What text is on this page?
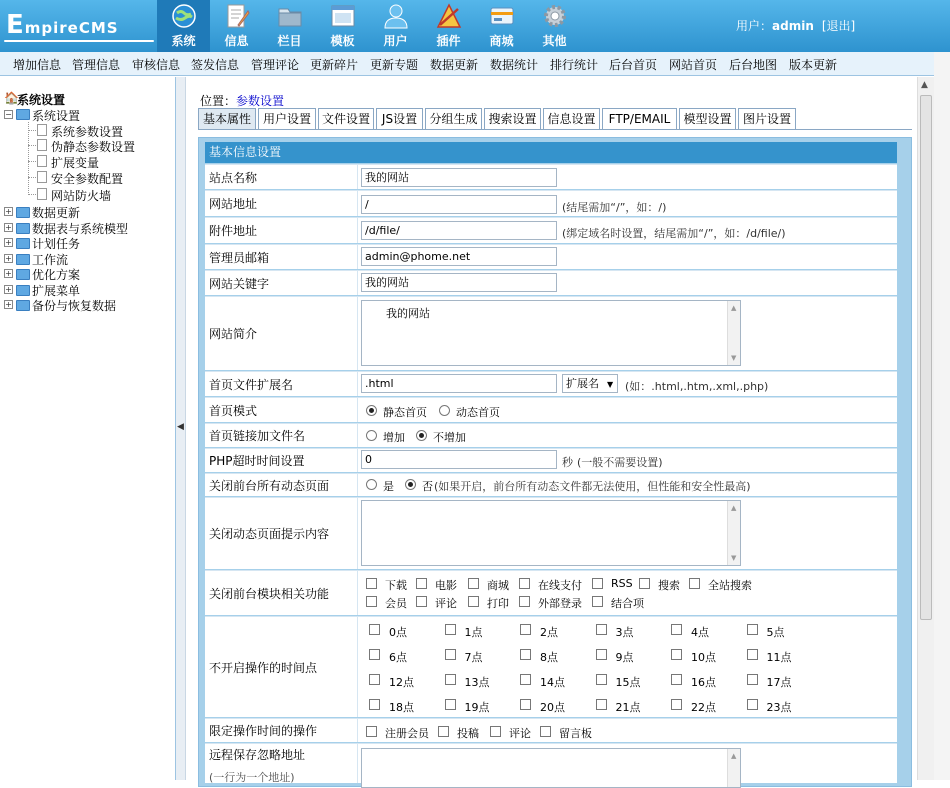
EmpireCMS
系统	信息	栏目	模板	用户	插件	商城	其他
用户：admin [退出]
增加信息 管理信息 审核信息 签发信息 管理评论 更新碎片 更新专题 数据更新 数据统计 排行统计 后台首页 网站首页 后台地图 版本更新
🏠
系统设置
− 系统设置
系统参数设置
伪静态参数设置
扩展变量
安全参数配置
网站防火墙
+ 数据更新
+ 数据表与系统模型
+ 计划任务
+ 工作流
+ 优化方案
+ 扩展菜单
+ 备份与恢复数据
◀
位置：参数设置
基本属性 用户设置 文件设置 JS设置	分组生成 搜索设置 信息设置	FTP/EMAIL	模型设置 图片设置
基本信息设置
站点名称	我的网站
网站地址	/	(结尾需加“/”，如：/)
附件地址	/d/file/	(绑定域名时设置，结尾需加“/”，如：/d/file/)
管理员邮箱	admin@phome.net
网站关键字	我的网站
网站简介
我的网站	▲
▼
首页文件扩展名	.html	扩展名 ▼	(如：.html,.htm,.xml,.php)
首页模式	静态首页	动态首页
首页链接加文件名	增加	不增加
PHP超时时间设置	0	秒 (一般不需要设置)
关闭前台所有动态页面	是	否 (如果开启，前台所有动态文件都无法使用，但性能和安全性最高)
关闭动态页面提示内容
▲
▼
关闭前台模块相关功能
下载	电影	商城	在线支付	RSS 搜索	全站搜索
会员	评论	打印	外部登录	结合项
不开启操作的时间点
0点	1点	2点	3点	4点	5点
6点	7点	8点	9点	10点	11点
12点	13点	14点	15点	16点	17点
18点	19点	20点	21点	22点	23点
限定操作时间的操作	注册会员	投稿	评论	留言板
远程保存忽略地址
(一行为一个地址)
▲
▲
